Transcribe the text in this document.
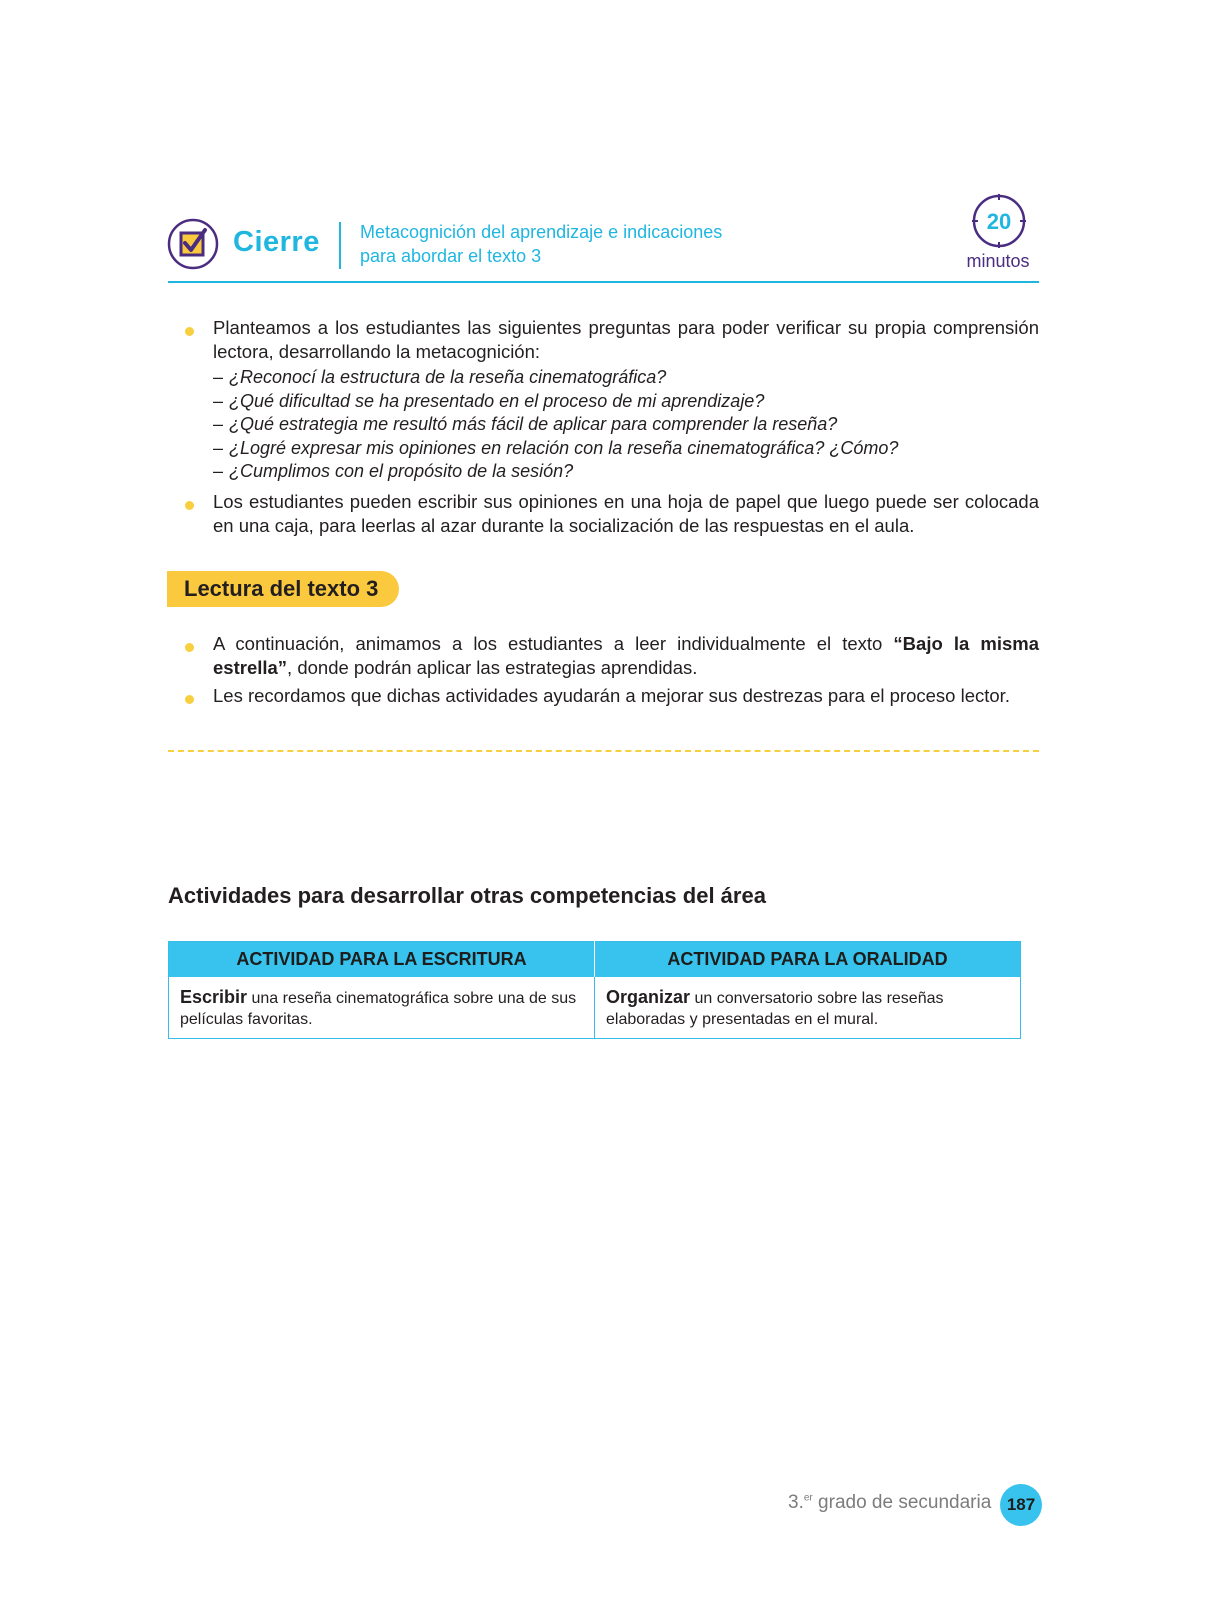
Cierre Metacognición del aprendizaje e indicaciones
para abordar el texto 3
20
minutos
Planteamos a los estudiantes las siguientes preguntas para poder verificar su propia comprensión lectora, desarrollando la metacognición:
– ¿Reconocí la estructura de la reseña cinematográfica?
– ¿Qué dificultad se ha presentado en el proceso de mi aprendizaje?
– ¿Qué estrategia me resultó más fácil de aplicar para comprender la reseña?
– ¿Logré expresar mis opiniones en relación con la reseña cinematográfica? ¿Cómo?
– ¿Cumplimos con el propósito de la sesión?
Los estudiantes pueden escribir sus opiniones en una hoja de papel que luego puede ser colocada en una caja, para leerlas al azar durante la socialización de las respuestas en el aula.
Lectura del texto 3
A continuación, animamos a los estudiantes a leer individualmente el texto “Bajo la misma estrella”, donde podrán aplicar las estrategias aprendidas.
Les recordamos que dichas actividades ayudarán a mejorar sus destrezas para el proceso lector.
Actividades para desarrollar otras competencias del área
ACTIVIDAD PARA LA ESCRITURA	ACTIVIDAD PARA LA ORALIDAD
Escribir una reseña cinematográfica sobre una de sus películas favoritas.	Organizar un conversatorio sobre las reseñas elaboradas y presentadas en el mural.
3.$^{er}$ grado de secundaria 187
